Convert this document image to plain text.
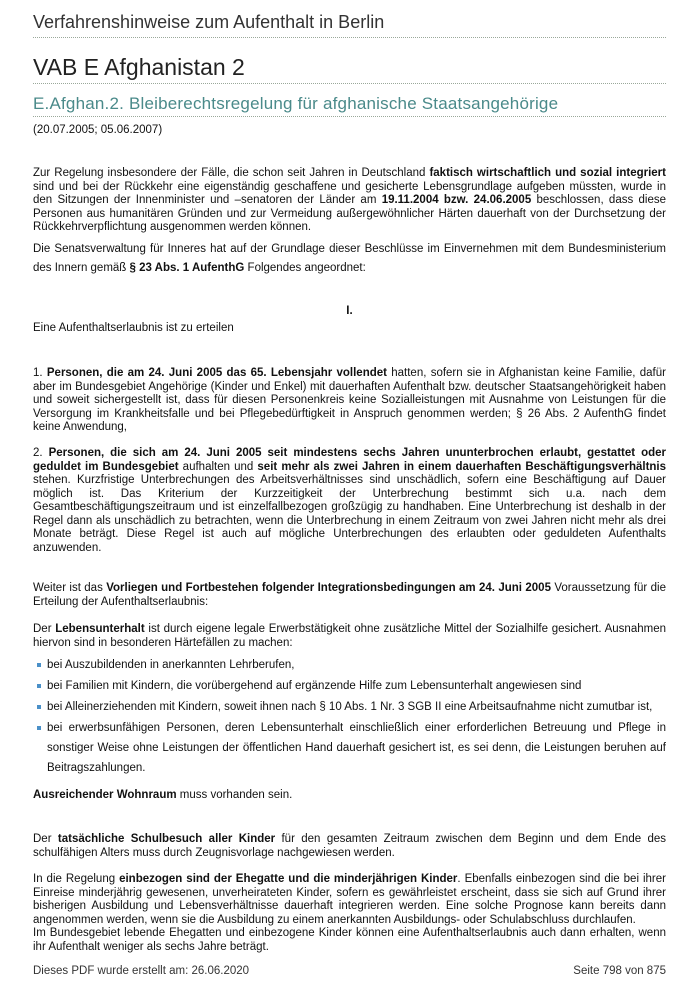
Verfahrenshinweise zum Aufenthalt in Berlin
VAB E Afghanistan 2
E.Afghan.2. Bleiberechtsregelung für afghanische Staatsangehörige
(20.07.2005; 05.06.2007)
Zur Regelung insbesondere der Fälle, die schon seit Jahren in Deutschland faktisch wirtschaftlich und sozial integriert sind und bei der Rückkehr eine eigenständig geschaffene und gesicherte Lebensgrundlage aufgeben müssten, wurde in den Sitzungen der Innenminister und –senatoren der Länder am 19.11.2004 bzw. 24.06.2005 beschlossen, dass diese Personen aus humanitären Gründen und zur Vermeidung außergewöhnlicher Härten dauerhaft von der Durchsetzung der Rückkehrverpflichtung ausgenommen werden können.
Die Senatsverwaltung für Inneres hat auf der Grundlage dieser Beschlüsse im Einvernehmen mit dem Bundesministerium des Innern gemäß § 23 Abs. 1 AufenthG Folgendes angeordnet:
I.
Eine Aufenthaltserlaubnis ist zu erteilen
1. Personen, die am 24. Juni 2005 das 65. Lebensjahr vollendet hatten, sofern sie in Afghanistan keine Familie, dafür aber im Bundesgebiet Angehörige (Kinder und Enkel) mit dauerhaften Aufenthalt bzw. deutscher Staatsangehörigkeit haben und soweit sichergestellt ist, dass für diesen Personenkreis keine Sozialleistungen mit Ausnahme von Leistungen für die Versorgung im Krankheitsfalle und bei Pflegebedürftigkeit in Anspruch genommen werden; § 26 Abs. 2 AufenthG findet keine Anwendung,
2. Personen, die sich am 24. Juni 2005 seit mindestens sechs Jahren ununterbrochen erlaubt, gestattet oder geduldet im Bundesgebiet aufhalten und seit mehr als zwei Jahren in einem dauerhaften Beschäftigungsverhältnis stehen. Kurzfristige Unterbrechungen des Arbeitsverhältnisses sind unschädlich, sofern eine Beschäftigung auf Dauer möglich ist. Das Kriterium der Kurzzeitigkeit der Unterbrechung bestimmt sich u.a. nach dem Gesamtbeschäftigungszeitraum und ist einzelfallbezogen großzügig zu handhaben. Eine Unterbrechung ist deshalb in der Regel dann als unschädlich zu betrachten, wenn die Unterbrechung in einem Zeitraum von zwei Jahren nicht mehr als drei Monate beträgt. Diese Regel ist auch auf mögliche Unterbrechungen des erlaubten oder geduldeten Aufenthalts anzuwenden.
Weiter ist das Vorliegen und Fortbestehen folgender Integrationsbedingungen am 24. Juni 2005 Voraussetzung für die Erteilung der Aufenthaltserlaubnis:
Der Lebensunterhalt ist durch eigene legale Erwerbstätigkeit ohne zusätzliche Mittel der Sozialhilfe gesichert. Ausnahmen hiervon sind in besonderen Härtefällen zu machen:
bei Auszubildenden in anerkannten Lehrberufen,
bei Familien mit Kindern, die vorübergehend auf ergänzende Hilfe zum Lebensunterhalt angewiesen sind
bei Alleinerziehenden mit Kindern, soweit ihnen nach § 10 Abs. 1 Nr. 3 SGB II eine Arbeitsaufnahme nicht zumutbar ist,
bei erwerbsunfähigen Personen, deren Lebensunterhalt einschließlich einer erforderlichen Betreuung und Pflege in sonstiger Weise ohne Leistungen der öffentlichen Hand dauerhaft gesichert ist, es sei denn, die Leistungen beruhen auf Beitragszahlungen.
Ausreichender Wohnraum muss vorhanden sein.
Der tatsächliche Schulbesuch aller Kinder für den gesamten Zeitraum zwischen dem Beginn und dem Ende des schulfähigen Alters muss durch Zeugnisvorlage nachgewiesen werden.
In die Regelung einbezogen sind der Ehegatte und die minderjährigen Kinder. Ebenfalls einbezogen sind die bei ihrer Einreise minderjährig gewesenen, unverheirateten Kinder, sofern es gewährleistet erscheint, dass sie sich auf Grund ihrer bisherigen Ausbildung und Lebensverhältnisse dauerhaft integrieren werden. Eine solche Prognose kann bereits dann angenommen werden, wenn sie die Ausbildung zu einem anerkannten Ausbildungs- oder Schulabschluss durchlaufen.
Im Bundesgebiet lebende Ehegatten und einbezogene Kinder können eine Aufenthaltserlaubnis auch dann erhalten, wenn ihr Aufenthalt weniger als sechs Jahre beträgt.
Dieses PDF wurde erstellt am: 26.06.2020	Seite 798 von 875
